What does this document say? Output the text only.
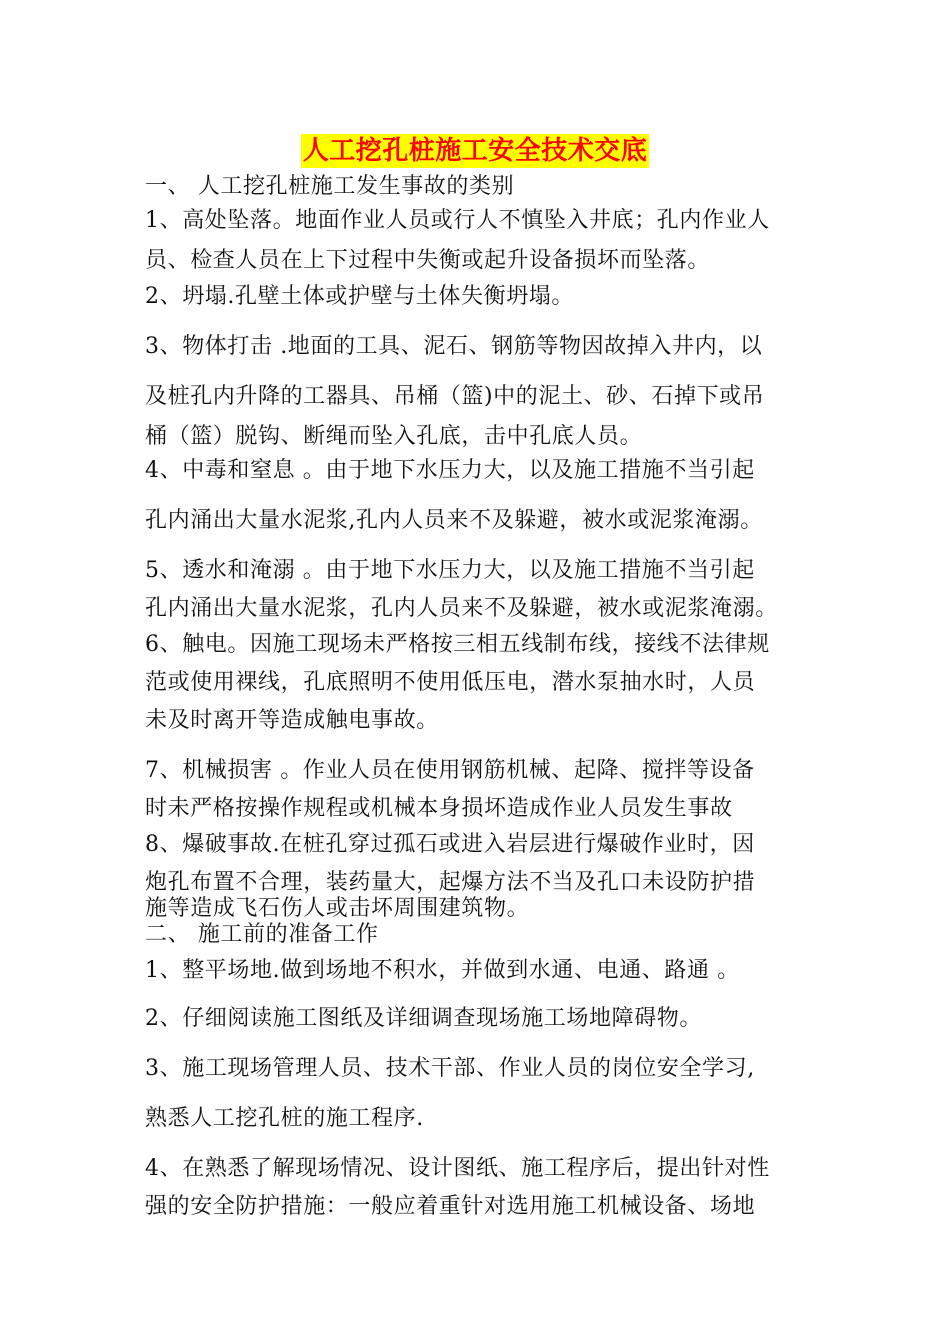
人工挖孔桩施工安全技术交底
一、 人工挖孔桩施工发生事故的类别
1、高处坠落。地面作业人员或行人不慎坠入井底；孔内作业人
员、检查人员在上下过程中失衡或起升设备损坏而坠落。
2、坍塌.孔壁土体或护壁与土体失衡坍塌。
3、物体打击 .地面的工具、泥石、钢筋等物因故掉入井内，以
及桩孔内升降的工器具、吊桶（篮)中的泥土、砂、石掉下或吊
桶（篮）脱钩、断绳而坠入孔底，击中孔底人员。
4、中毒和窒息 。由于地下水压力大，以及施工措施不当引起
孔内涌出大量水泥浆,孔内人员来不及躲避，被水或泥浆淹溺。
5、透水和淹溺 。由于地下水压力大，以及施工措施不当引起
孔内涌出大量水泥浆，孔内人员来不及躲避，被水或泥浆淹溺。
6、触电。因施工现场未严格按三相五线制布线，接线不法律规
范或使用裸线，孔底照明不使用低压电，潜水泵抽水时，人员
未及时离开等造成触电事故。
7、机械损害 。作业人员在使用钢筋机械、起降、搅拌等设备
时未严格按操作规程或机械本身损坏造成作业人员发生事故
8、爆破事故.在桩孔穿过孤石或进入岩层进行爆破作业时，因
炮孔布置不合理，装药量大，起爆方法不当及孔口未设防护措
施等造成飞石伤人或击坏周围建筑物。
二、 施工前的准备工作
1、整平场地.做到场地不积水，并做到水通、电通、路通 。
2、仔细阅读施工图纸及详细调查现场施工场地障碍物。
3、施工现场管理人员、技术干部、作业人员的岗位安全学习,
熟悉人工挖孔桩的施工程序.
4、在熟悉了解现场情况、设计图纸、施工程序后，提出针对性
强的安全防护措施：一般应着重针对选用施工机械设备、场地
